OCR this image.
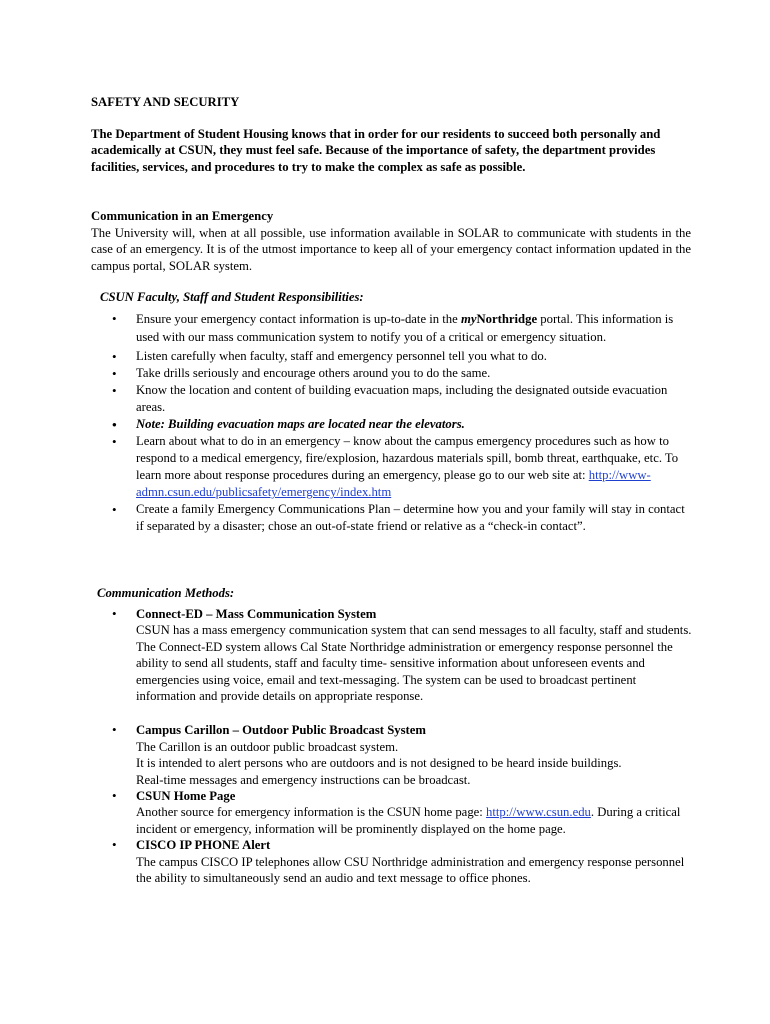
SAFETY AND SECURITY
The Department of Student Housing knows that in order for our residents to succeed both personally and academically at CSUN, they must feel safe. Because of the importance of safety, the department provides facilities, services, and procedures to try to make the complex as safe as possible.
Communication in an Emergency
The University will, when at all possible, use information available in SOLAR to communicate with students in the case of an emergency. It is of the utmost importance to keep all of your emergency contact information updated in the campus portal, SOLAR system.
CSUN Faculty, Staff and Student Responsibilities:
• Ensure your emergency contact information is up-to-date in the myNorthridge portal. This information is used with our mass communication system to notify you of a critical or emergency situation.
• Listen carefully when faculty, staff and emergency personnel tell you what to do.
• Take drills seriously and encourage others around you to do the same.
• Know the location and content of building evacuation maps, including the designated outside evacuation areas.
• Note: Building evacuation maps are located near the elevators.
• Learn about what to do in an emergency – know about the campus emergency procedures such as how to respond to a medical emergency, fire/explosion, hazardous materials spill, bomb threat, earthquake, etc. To learn more about response procedures during an emergency, please go to our web site at: http://www-admn.csun.edu/publicsafety/emergency/index.htm
• Create a family Emergency Communications Plan – determine how you and your family will stay in contact if separated by a disaster; chose an out-of-state friend or relative as a “check-in contact”.
Communication Methods:
• Connect-ED – Mass Communication System
CSUN has a mass emergency communication system that can send messages to all faculty, staff and students.
The Connect-ED system allows Cal State Northridge administration or emergency response personnel the ability to send all students, staff and faculty time- sensitive information about unforeseen events and emergencies using voice, email and text-messaging. The system can be used to broadcast pertinent information and provide details on appropriate response.
• Campus Carillon – Outdoor Public Broadcast System
The Carillon is an outdoor public broadcast system.
It is intended to alert persons who are outdoors and is not designed to be heard inside buildings.
Real-time messages and emergency instructions can be broadcast.
• CSUN Home Page
Another source for emergency information is the CSUN home page: http://www.csun.edu. During a critical incident or emergency, information will be prominently displayed on the home page.
• CISCO IP PHONE Alert
The campus CISCO IP telephones allow CSU Northridge administration and emergency response personnel the ability to simultaneously send an audio and text message to office phones.
